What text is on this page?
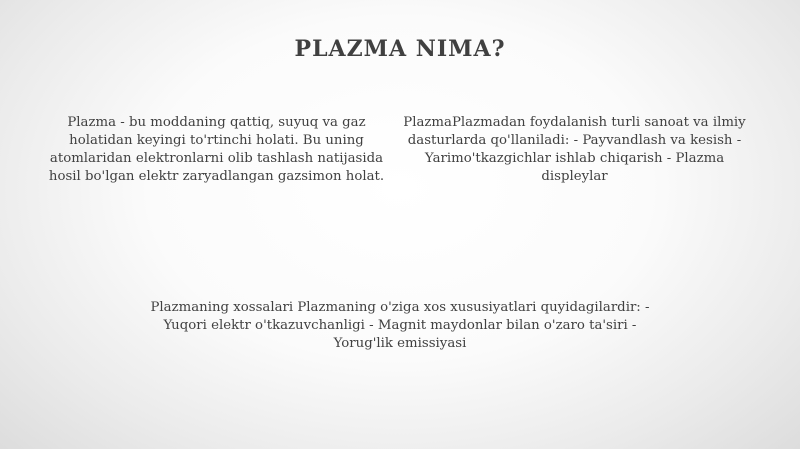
PLAZMA NIMA?
Plazma - bu moddaning qattiq, suyuq va gaz holatidan keyingi to'rtinchi holati. Bu uning atomlaridan elektronlarni olib tashlash natijasida hosil bo'lgan elektr zaryadlangan gazsimon holat.
PlazmaPlazmadan foydalanish turli sanoat va ilmiy dasturlarda qo'llaniladi: - Payvandlash va kesish - Yarimo'tkazgichlar ishlab chiqarish - Plazma displeylar
Plazmaning xossalari Plazmaning o'ziga xos xususiyatlari quyidagilardir: - Yuqori elektr o'tkazuvchanligi - Magnit maydonlar bilan o'zaro ta'siri - Yorug'lik emissiyasi
